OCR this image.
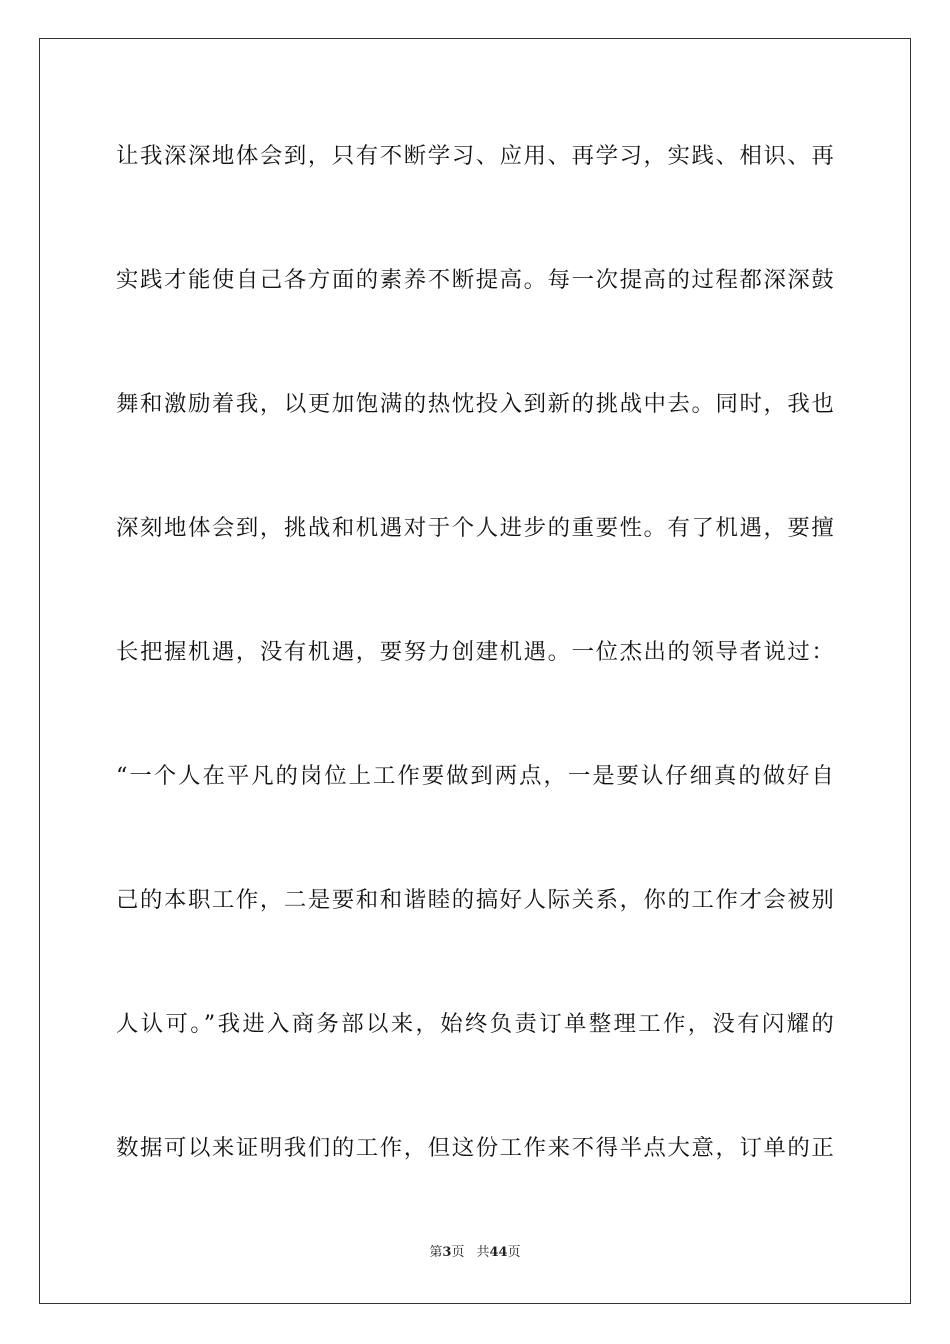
让我深深地体会到，只有不断学习、应用、再学习，实践、相识、再

实践才能使自己各方面的素养不断提高。每一次提高的过程都深深鼓

舞和激励着我，以更加饱满的热忱投入到新的挑战中去。同时，我也

深刻地体会到，挑战和机遇对于个人进步的重要性。有了机遇，要擅

长把握机遇，没有机遇，要努力创建机遇。一位杰出的领导者说过：

“一个人在平凡的岗位上工作要做到两点，一是要认仔细真的做好自

己的本职工作，二是要和和谐睦的搞好人际关系，你的工作才会被别

人认可。”我进入商务部以来，始终负责订单整理工作，没有闪耀的

数据可以来证明我们的工作，但这份工作来不得半点大意，订单的正

第3页 共44页
